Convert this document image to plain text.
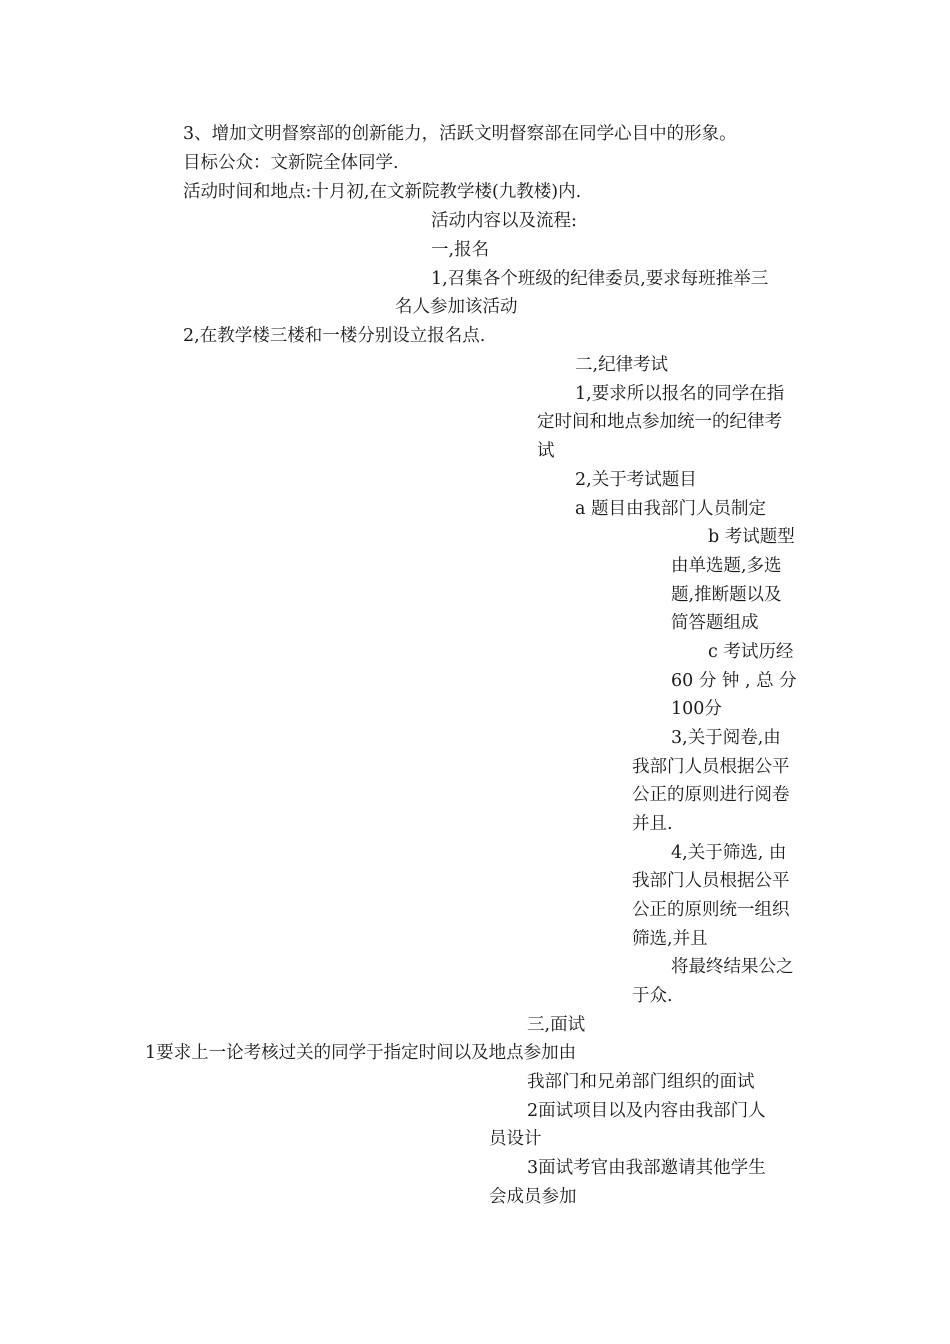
3、增加文明督察部的创新能力，活跃文明督察部在同学心目中的形象。
目标公众：文新院全体同学.
活动时间和地点:十月初,在文新院教学楼(九教楼)内.
活动内容以及流程:
一,报名
1,召集各个班级的纪律委员,要求每班推举三
名人参加该活动
2,在教学楼三楼和一楼分别设立报名点.
二,纪律考试
1,要求所以报名的同学在指
定时间和地点参加统一的纪律考
试
2,关于考试题目
a 题目由我部门人员制定
b 考试题型
由单选题,多选
题,推断题以及
简答题组成
c 考试历经
60 分 钟 , 总 分
100分
3,关于阅卷,由
我部门人员根据公平
公正的原则进行阅卷
并且.
4,关于筛选, 由
我部门人员根据公平
公正的原则统一组织
筛选,并且
将最终结果公之
于众.
三,面试
1要求上一论考核过关的同学于指定时间以及地点参加由
我部门和兄弟部门组织的面试
2面试项目以及内容由我部门人
员设计
3面试考官由我部邀请其他学生
会成员参加
